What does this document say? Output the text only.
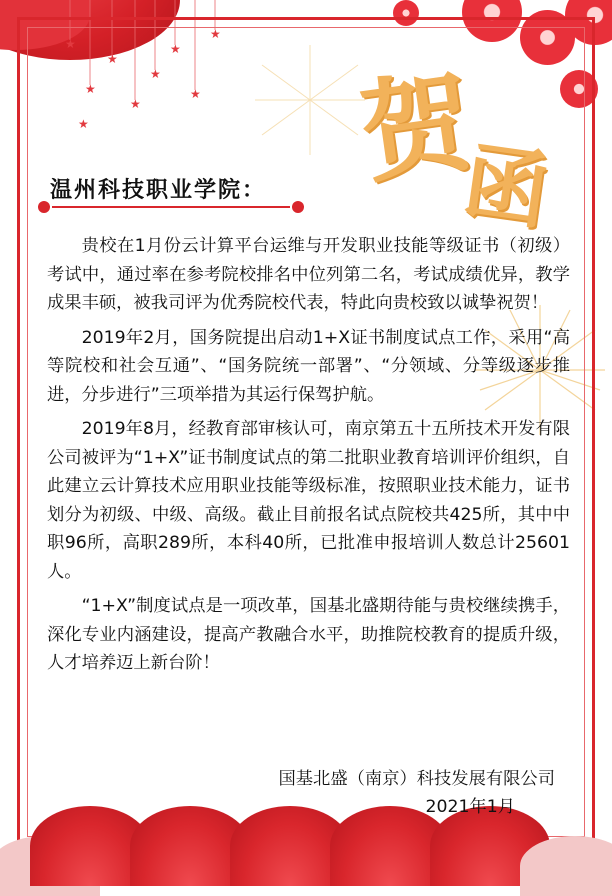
★
★
★
★
★
★
★
★
★ 贺
函
温州科技职业学院：

贵校在1月份云计算平台运维与开发职业技能等级证书（初级）考试中，通过率在参考院校排名中位列第二名，考试成绩优异，教学成果丰硕，被我司评为优秀院校代表，特此向贵校致以诚挚祝贺！

2019年2月，国务院提出启动1+X证书制度试点工作，采用“高等院校和社会互通”、“国务院统一部署”、“分领域、分等级逐步推进，分步进行”三项举措为其运行保驾护航。

2019年8月，经教育部审核认可，南京第五十五所技术开发有限公司被评为“1+X”证书制度试点的第二批职业教育培训评价组织，自此建立云计算技术应用职业技能等级标准，按照职业技术能力，证书划分为初级、中级、高级。截止目前报名试点院校共425所，其中中职96所，高职289所，本科40所，已批准申报培训人数总计25601人。

“1+X”制度试点是一项改革，国基北盛期待能与贵校继续携手，深化专业内涵建设，提高产教融合水平，助推院校教育的提质升级，人才培养迈上新台阶！

国基北盛（南京）科技发展有限公司
2021年1月
